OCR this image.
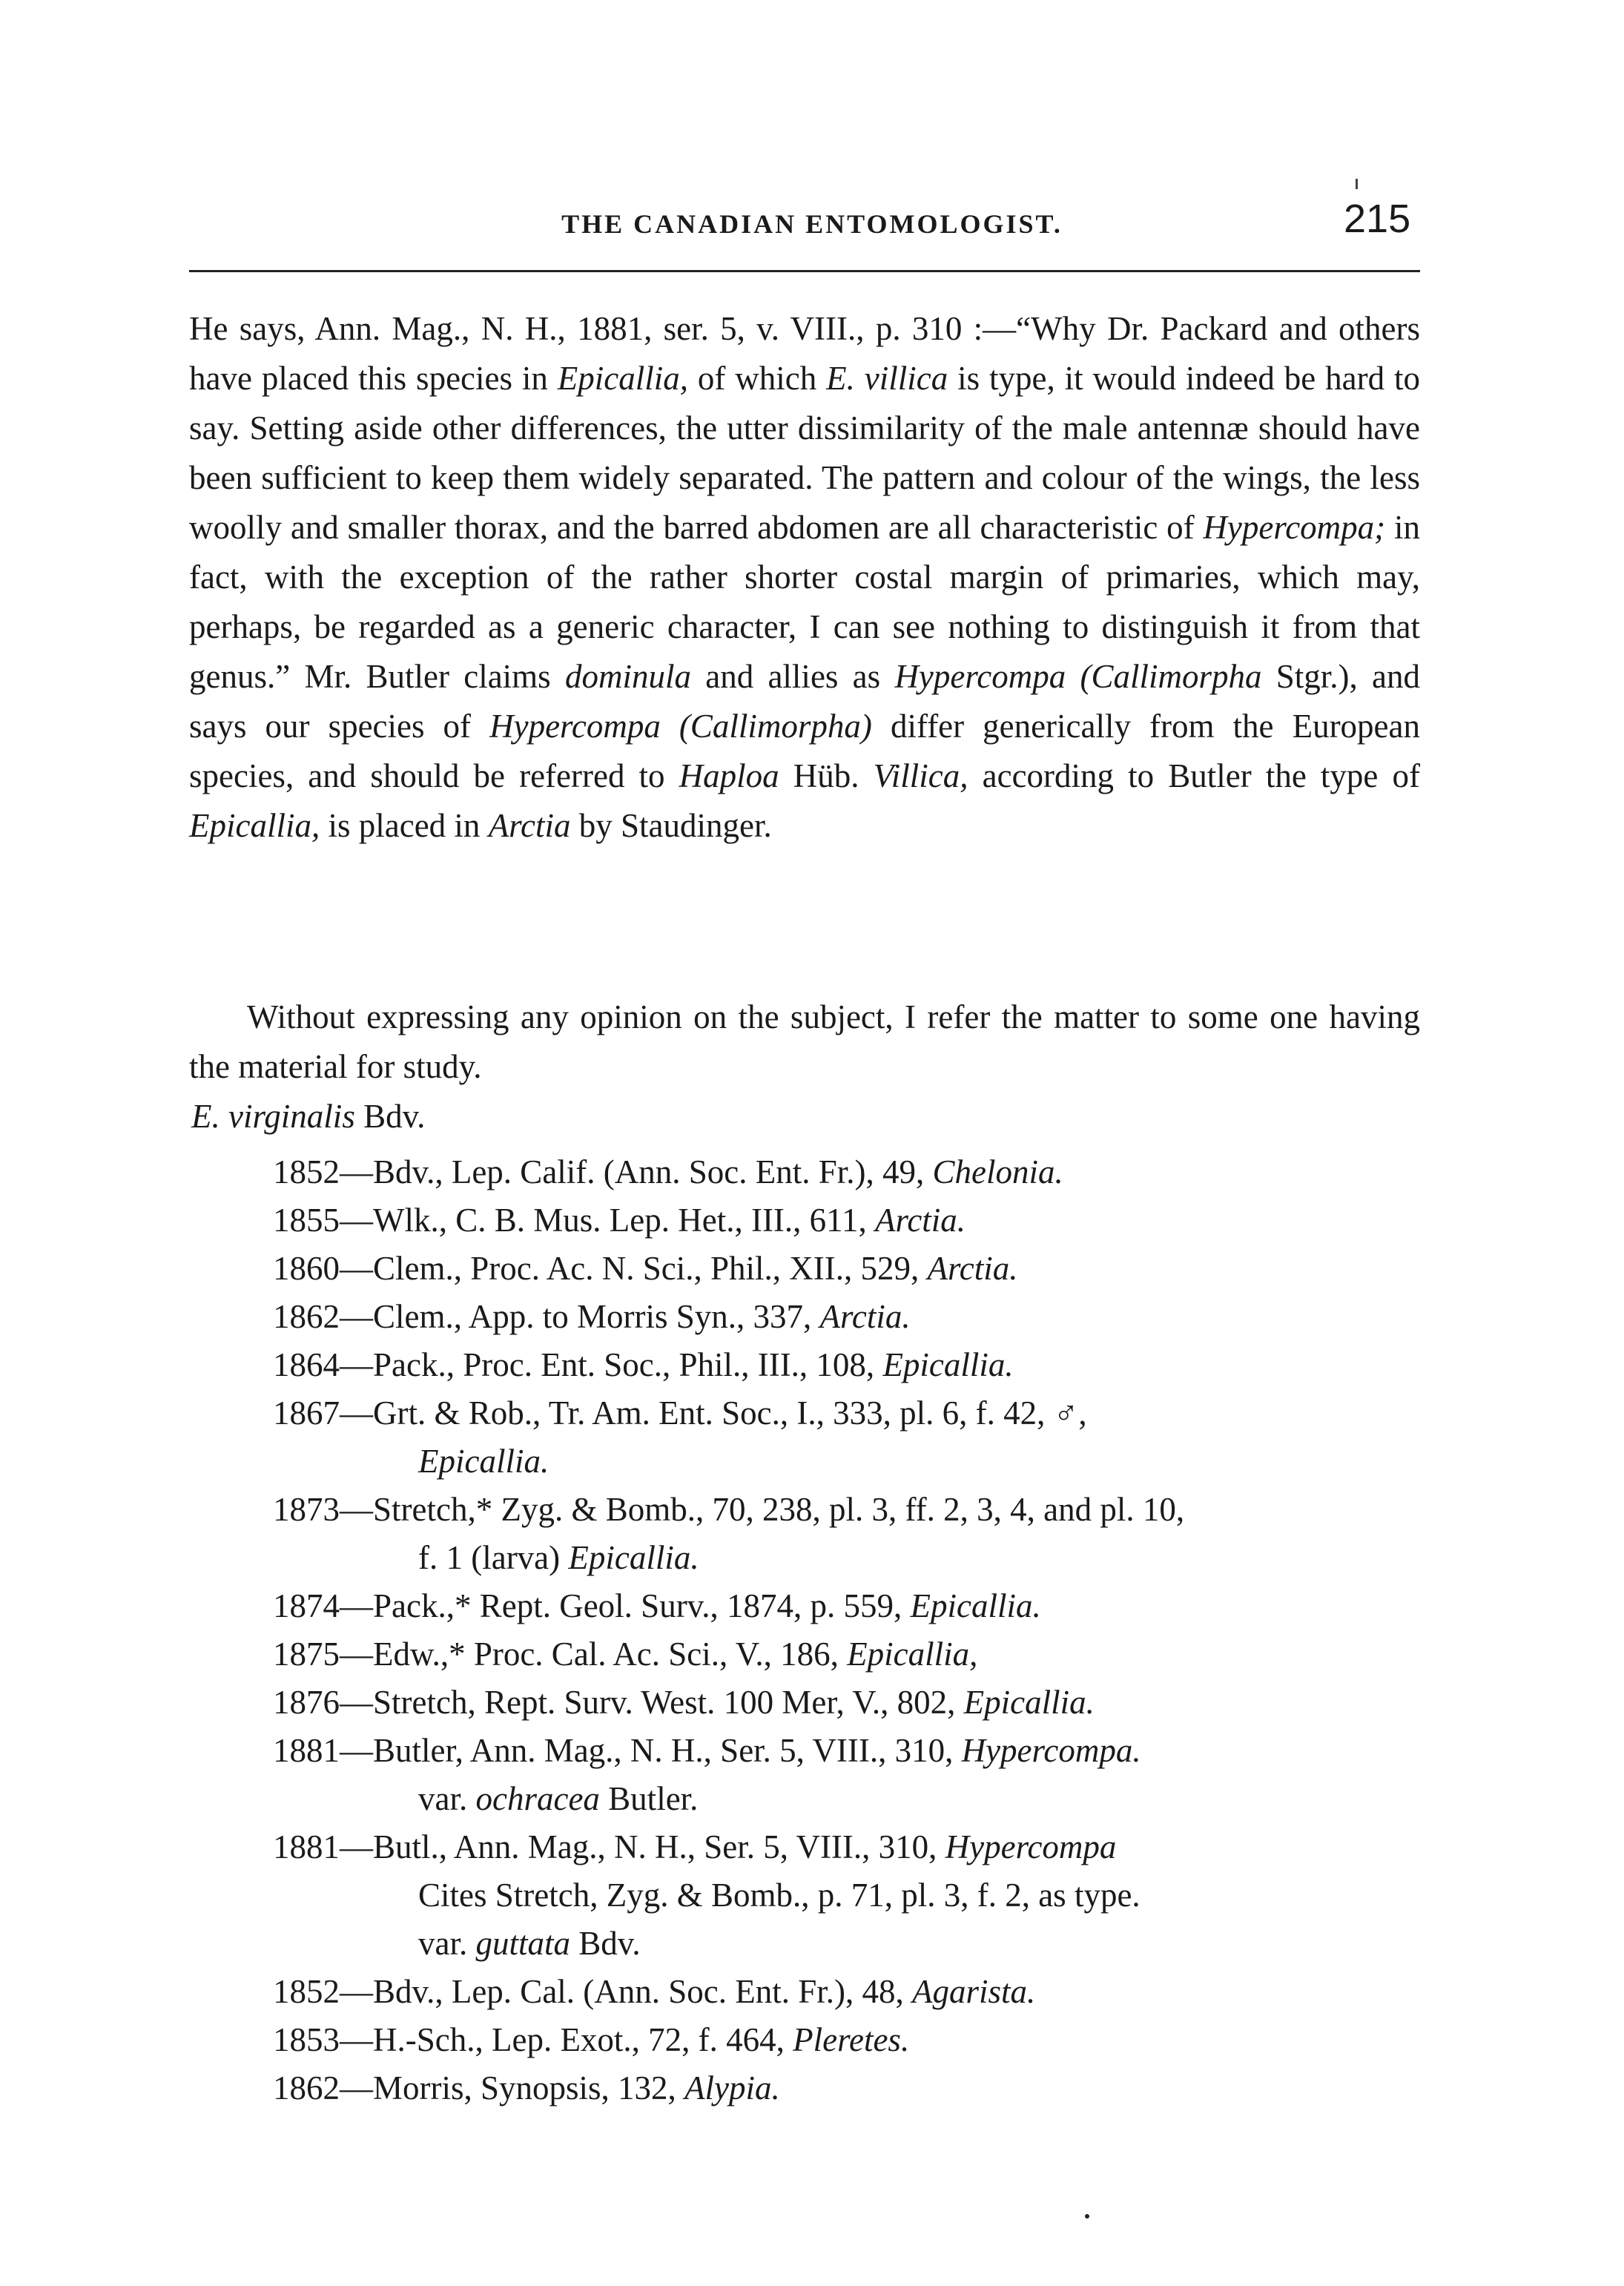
THE CANADIAN ENTOMOLOGIST.	215
He says, Ann. Mag., N. H., 1881, ser. 5, v. VIII., p. 310 :—“Why Dr. Packard and others have placed this species in Epicallia, of which E. villica is type, it would indeed be hard to say. Setting aside other differences, the utter dissimilarity of the male antennæ should have been sufficient to keep them widely separated. The pattern and colour of the wings, the less woolly and smaller thorax, and the barred abdomen are all characteristic of Hypercompa; in fact, with the exception of the rather shorter costal margin of primaries, which may, perhaps, be regarded as a generic character, I can see nothing to distinguish it from that genus.” Mr. Butler claims dominula and allies as Hypercompa (Callimorpha Stgr.), and says our species of Hypercompa (Callimorpha) differ generically from the European species, and should be referred to Haploa Hüb. Villica, according to Butler the type of Epicallia, is placed in Arctia by Staudinger.
Without expressing any opinion on the subject, I refer the matter to some one having the material for study.
E. virginalis Bdv.
1852—Bdv., Lep. Calif. (Ann. Soc. Ent. Fr.), 49, Chelonia.
1855—Wlk., C. B. Mus. Lep. Het., III., 611, Arctia.
1860—Clem., Proc. Ac. N. Sci., Phil., XII., 529, Arctia.
1862—Clem., App. to Morris Syn., 337, Arctia.
1864—Pack., Proc. Ent. Soc., Phil., III., 108, Epicallia.
1867—Grt. & Rob., Tr. Am. Ent. Soc., I., 333, pl. 6, f. 42, ♂,
Epicallia.
1873—Stretch,* Zyg. & Bomb., 70, 238, pl. 3, ff. 2, 3, 4, and pl. 10,
f. 1 (larva) Epicallia.
1874—Pack.,* Rept. Geol. Surv., 1874, p. 559, Epicallia.
1875—Edw.,* Proc. Cal. Ac. Sci., V., 186, Epicallia,
1876—Stretch, Rept. Surv. West. 100 Mer, V., 802, Epicallia.
1881—Butler, Ann. Mag., N. H., Ser. 5, VIII., 310, Hypercompa.
var. ochracea Butler.
1881—Butl., Ann. Mag., N. H., Ser. 5, VIII., 310, Hypercompa
Cites Stretch, Zyg. & Bomb., p. 71, pl. 3, f. 2, as type.
var. guttata Bdv.
1852—Bdv., Lep. Cal. (Ann. Soc. Ent. Fr.), 48, Agarista.
1853—H.-Sch., Lep. Exot., 72, f. 464, Pleretes.
1862—Morris, Synopsis, 132, Alypia.
